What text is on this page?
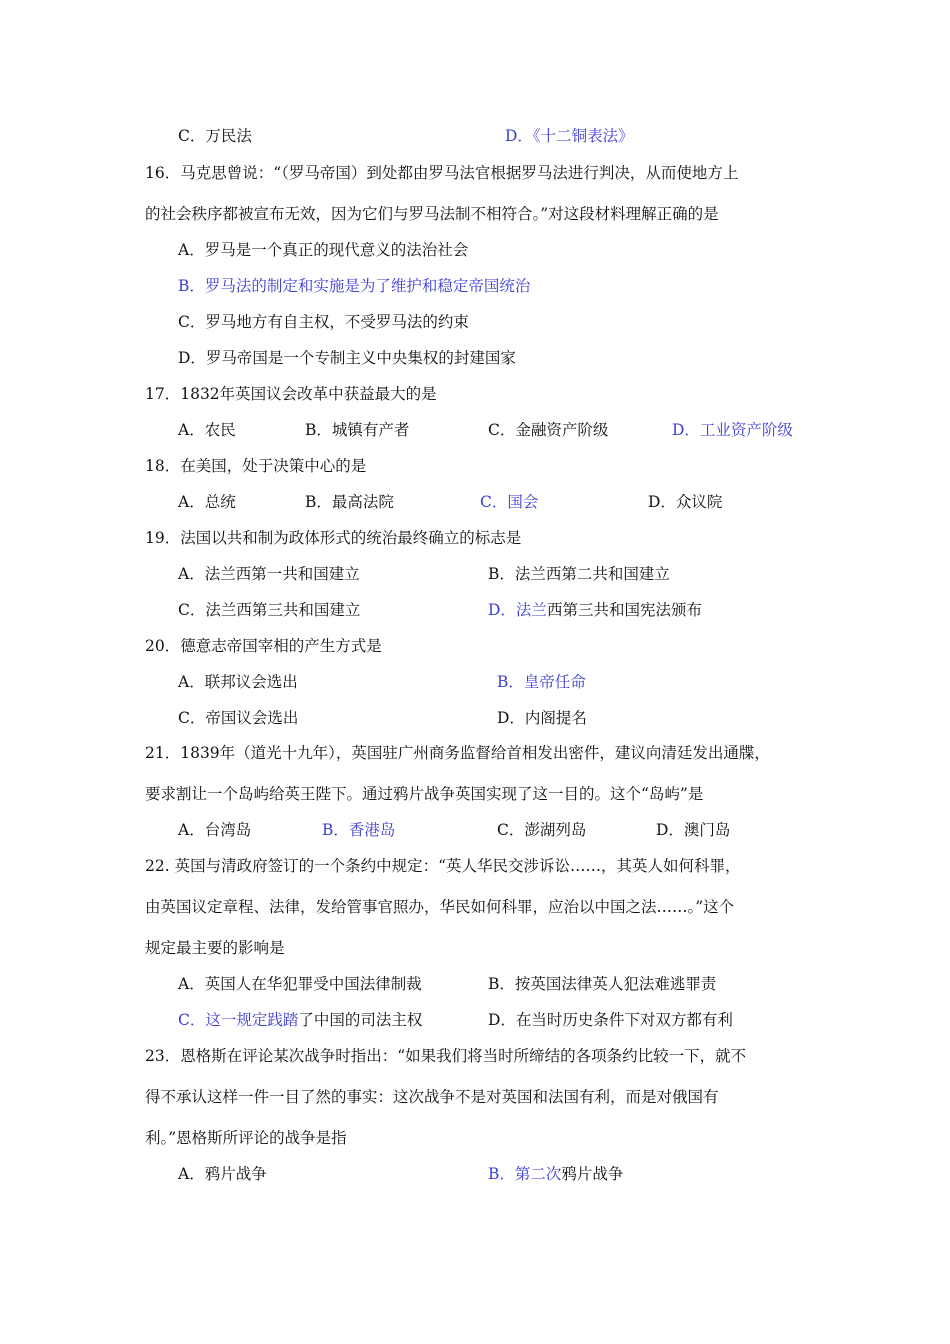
C．万民法	D．《十二铜表法》
16．马克思曾说：“（罗马帝国）到处都由罗马法官根据罗马法进行判决，从而使地方上
的社会秩序都被宣布无效，因为它们与罗马法制不相符合。”对这段材料理解正确的是
A．罗马是一个真正的现代意义的法治社会
B．罗马法的制定和实施是为了维护和稳定帝国统治
C．罗马地方有自主权，不受罗马法的约束
D．罗马帝国是一个专制主义中央集权的封建国家
17．1832年英国议会改革中获益最大的是
A．农民	B．城镇有产者	C．金融资产阶级	D．工业资产阶级
18．在美国，处于决策中心的是
A．总统	B．最高法院	C．国会	D．众议院
19．法国以共和制为政体形式的统治最终确立的标志是
A．法兰西第一共和国建立	B．法兰西第二共和国建立
C．法兰西第三共和国建立	D．法兰西第三共和国宪法颁布
20．德意志帝国宰相的产生方式是
A．联邦议会选出	B．皇帝任命
C．帝国议会选出	D．内阁提名
21．1839年（道光十九年），英国驻广州商务监督给首相发出密件，建议向清廷发出通牒，
要求割让一个岛屿给英王陛下。通过鸦片战争英国实现了这一目的。这个“岛屿”是
A．台湾岛	B．香港岛	C．澎湖列岛	D．澳门岛
22. 英国与清政府签订的一个条约中规定：“英人华民交涉诉讼……，其英人如何科罪，
由英国议定章程、法律，发给管事官照办，华民如何科罪，应治以中国之法……。”这个
规定最主要的影响是
A．英国人在华犯罪受中国法律制裁	B．按英国法律英人犯法难逃罪责
C．这一规定践踏了中国的司法主权	D．在当时历史条件下对双方都有利
23．恩格斯在评论某次战争时指出：“如果我们将当时所缔结的各项条约比较一下，就不
得不承认这样一件一目了然的事实：这次战争不是对英国和法国有利，而是对俄国有
利。”恩格斯所评论的战争是指
A．鸦片战争	B．第二次鸦片战争
